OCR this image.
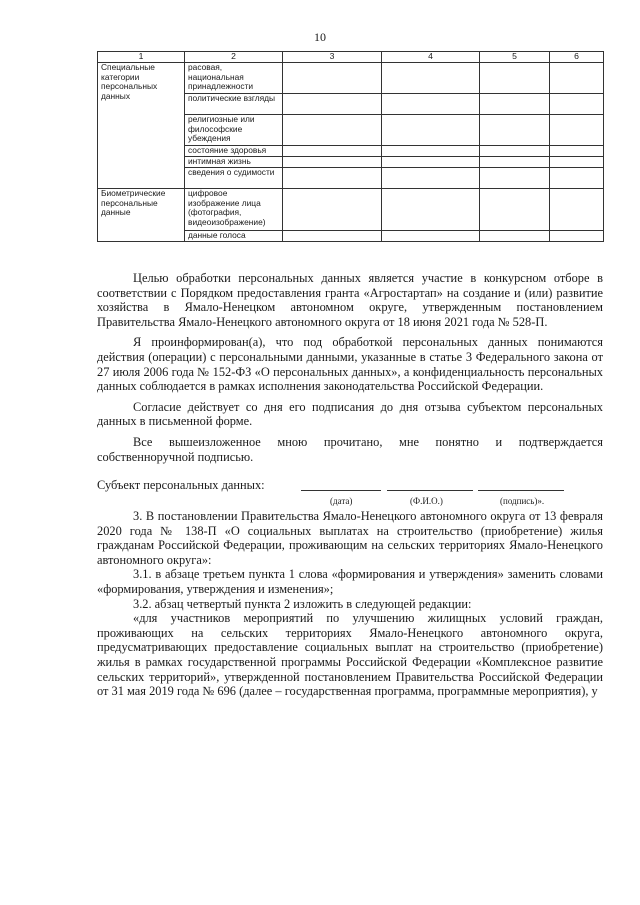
10
1	2	3	4	5	6
Специальные категории персональных данных	расовая, национальная принадлежности				
	политические взгляды				
	религиозные или философские убеждения				
	состояние здоровья				
	интимная жизнь				
	сведения о судимости				
Биометрические персональные данные	цифровое изображение лица (фотография, видеоизображение)				
	данные голоса				

Целью обработки персональных данных является участие в конкурсном отборе в соответствии с Порядком предоставления гранта «Агростартап» на создание и (или) развитие хозяйства в Ямало-Ненецком автономном округе, утвержденным постановлением Правительства Ямало-Ненецкого автономного округа от 18 июня 2021 года № 528-П.

Я проинформирован(а), что под обработкой персональных данных понимаются действия (операции) с персональными данными, указанные в статье 3 Федерального закона от 27 июля 2006 года № 152-ФЗ «О персональных данных», а конфиденциальность персональных данных соблюдается в рамках исполнения законодательства Российской Федерации.

Согласие действует со дня его подписания до дня отзыва субъектом персональных данных в письменной форме.

Все вышеизложенное мною прочитано, мне понятно и подтверждается собственноручной подписью.

Субъект персональных данных:
(дата)	(Ф.И.О.)	(подпись)».

3. В постановлении Правительства Ямало-Ненецкого автономного округа от 13 февраля 2020 года № 138-П «О социальных выплатах на строительство (приобретение) жилья гражданам Российской Федерации, проживающим на сельских территориях Ямало-Ненецкого автономного округа»:

3.1. в абзаце третьем пункта 1 слова «формирования и утверждения» заменить словами «формирования, утверждения и изменения»;

3.2. абзац четвертый пункта 2 изложить в следующей редакции:

«для участников мероприятий по улучшению жилищных условий граждан, проживающих на сельских территориях Ямало-Ненецкого автономного округа, предусматривающих предоставление социальных выплат на строительство (приобретение) жилья в рамках государственной программы Российской Федерации «Комплексное развитие сельских территорий», утвержденной постановлением Правительства Российской Федерации от 31 мая 2019 года № 696 (далее – государственная программа, программные мероприятия), у
